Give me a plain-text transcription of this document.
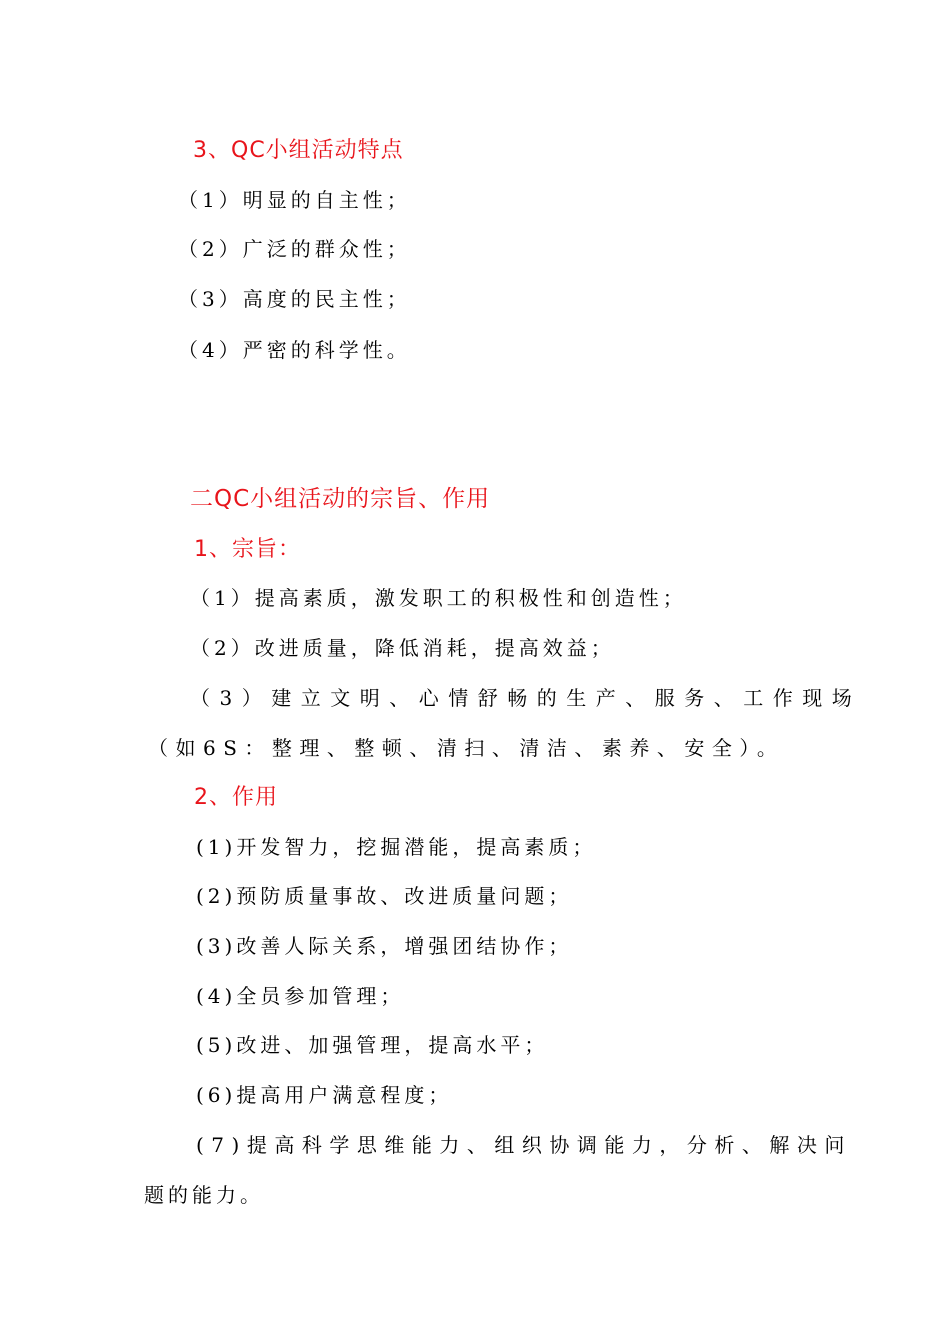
3、QC小组活动特点
（1）明显的自主性；
（2）广泛的群众性；
（3）高度的民主性；
（4）严密的科学性。
二QC小组活动的宗旨、作用
1、宗旨：
（1）提高素质，激发职工的积极性和创造性；
（2）改进质量，降低消耗，提高效益；
（3）建立文明、心情舒畅的生产、服务、工作现场
（如6S：整理、整顿、清扫、清洁、素养、安全）。
2、作用
(1)开发智力，挖掘潜能，提高素质；
(2)预防质量事故、改进质量问题；
(3)改善人际关系，增强团结协作；
(4)全员参加管理；
(5)改进、加强管理，提高水平；
(6)提高用户满意程度；
(7)提高科学思维能力、组织协调能力，分析、解决问
题的能力。
